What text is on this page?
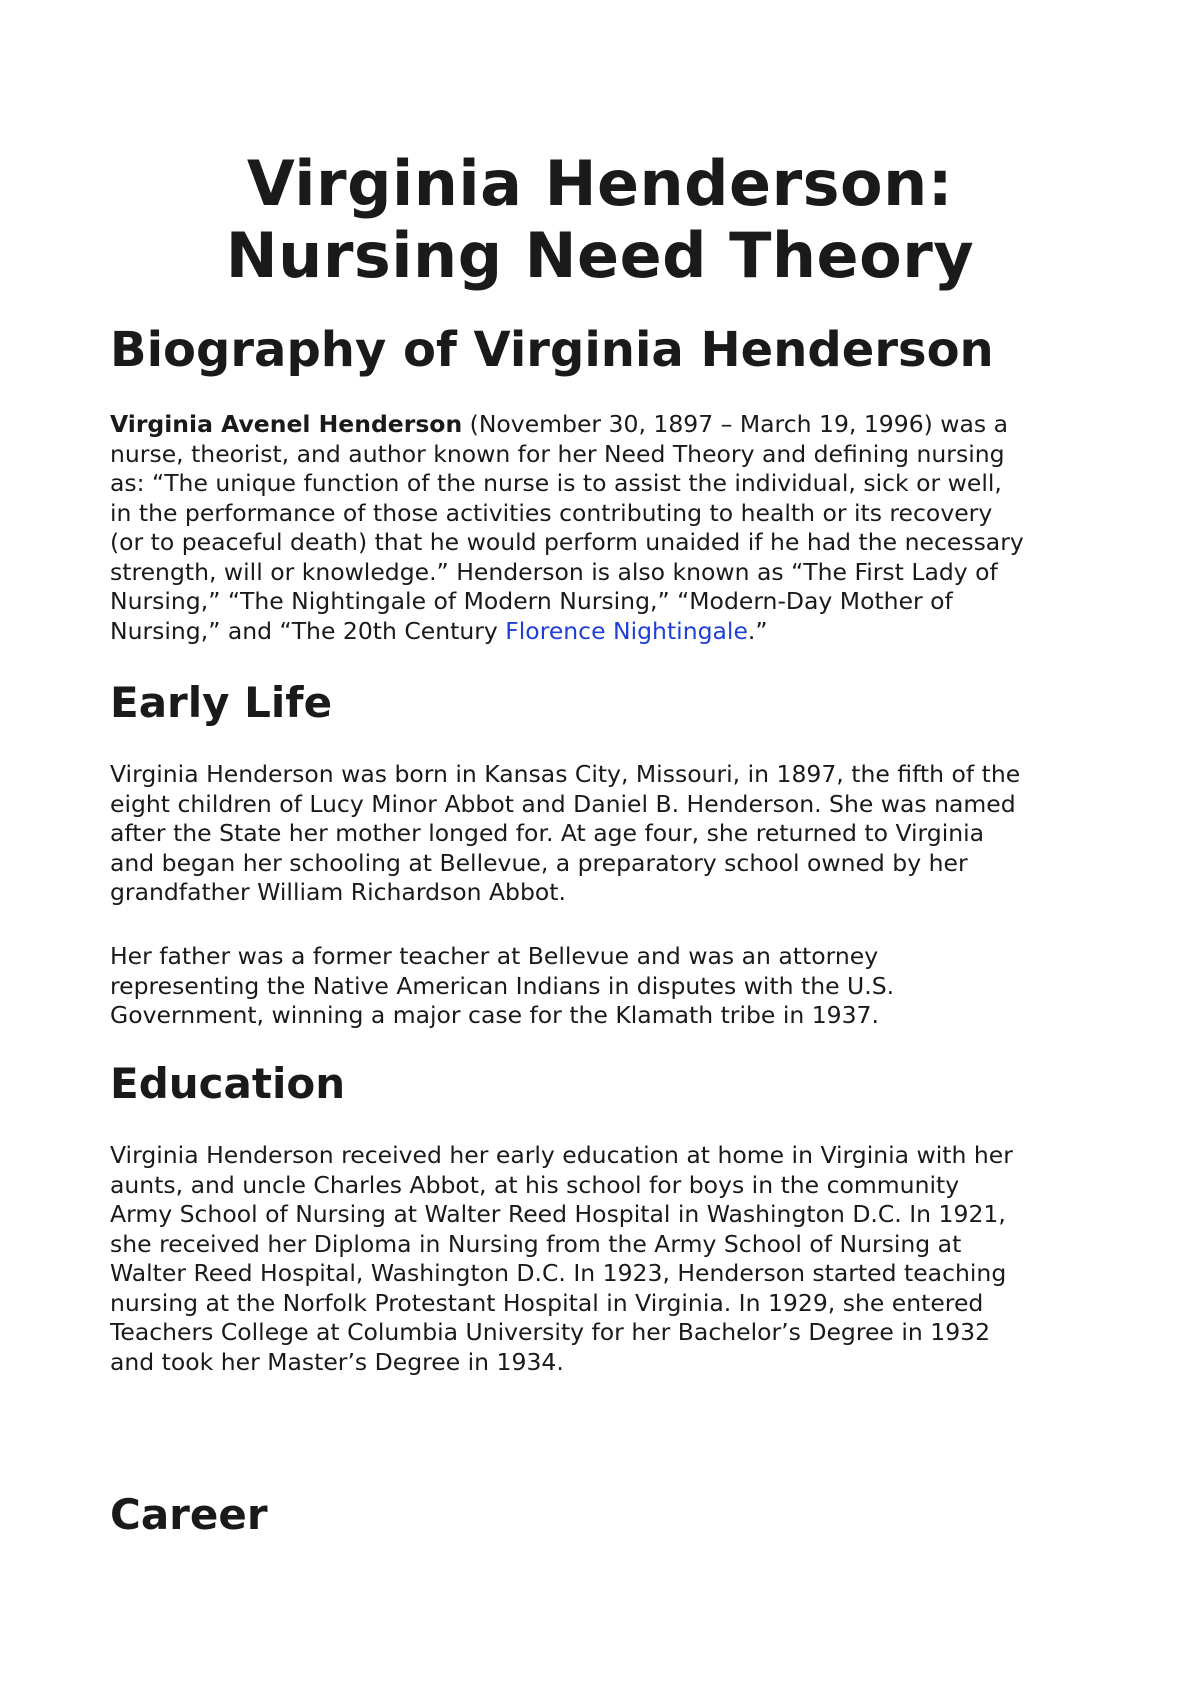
Virginia Henderson:
Nursing Need Theory
Biography of Virginia Henderson
Virginia Avenel Henderson (November 30, 1897 – March 19, 1996) was a
nurse, theorist, and author known for her Need Theory and defining nursing
as: “The unique function of the nurse is to assist the individual, sick or well,
in the performance of those activities contributing to health or its recovery
(or to peaceful death) that he would perform unaided if he had the necessary
strength, will or knowledge.” Henderson is also known as “The First Lady of
Nursing,” “The Nightingale of Modern Nursing,” “Modern-Day Mother of
Nursing,” and “The 20th Century Florence Nightingale.”
Early Life
Virginia Henderson was born in Kansas City, Missouri, in 1897, the fifth of the
eight children of Lucy Minor Abbot and Daniel B. Henderson. She was named
after the State her mother longed for. At age four, she returned to Virginia
and began her schooling at Bellevue, a preparatory school owned by her
grandfather William Richardson Abbot.
Her father was a former teacher at Bellevue and was an attorney
representing the Native American Indians in disputes with the U.S.
Government, winning a major case for the Klamath tribe in 1937.
Education
Virginia Henderson received her early education at home in Virginia with her
aunts, and uncle Charles Abbot, at his school for boys in the community
Army School of Nursing at Walter Reed Hospital in Washington D.C. In 1921,
she received her Diploma in Nursing from the Army School of Nursing at
Walter Reed Hospital, Washington D.C. In 1923, Henderson started teaching
nursing at the Norfolk Protestant Hospital in Virginia. In 1929, she entered
Teachers College at Columbia University for her Bachelor’s Degree in 1932
and took her Master’s Degree in 1934.
Career
